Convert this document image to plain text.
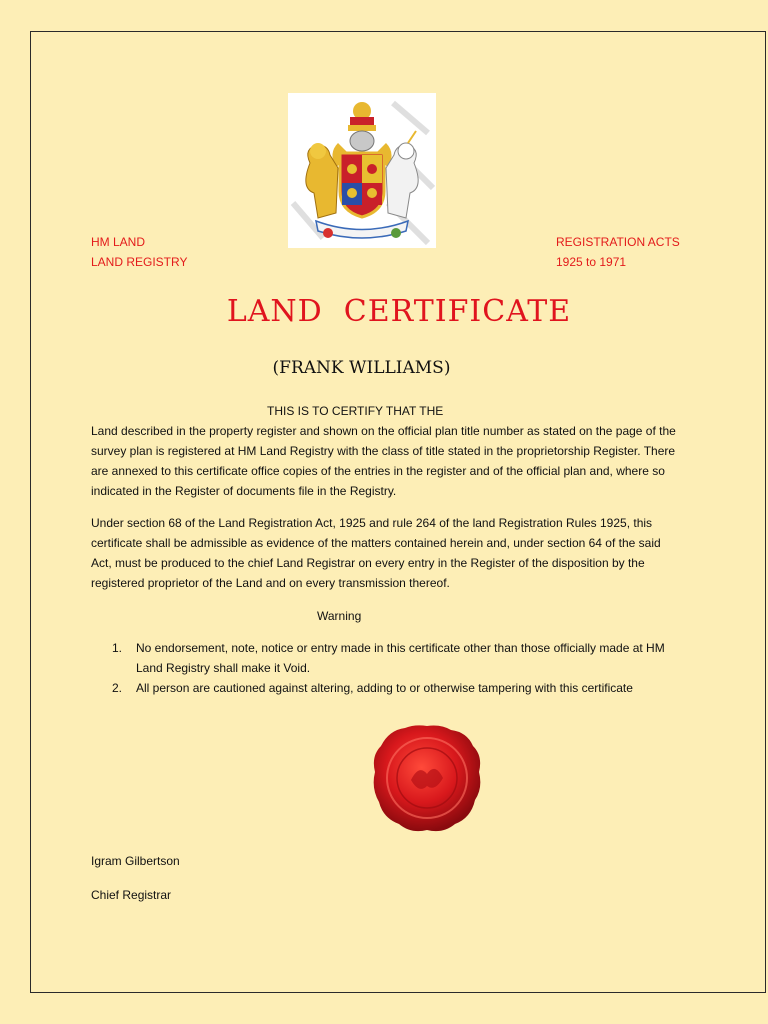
HM LAND
LAND REGISTRY
REGISTRATION ACTS
1925 to 1971
LAND  CERTIFICATE
(FRANK WILLIAMS)
THIS IS TO CERTIFY THAT THE
Land described in the property register and shown on the official plan title number as stated on the page of the survey plan is registered at HM Land Registry with the class of title stated in the proprietorship Register. There are annexed to this certificate office copies of the entries in the register and of the official plan and, where so indicated in the Register of documents file in the Registry.
Under section 68 of the Land Registration Act, 1925 and rule 264 of the land Registration Rules 1925, this certificate shall be admissible as evidence of the matters contained herein and, under section 64 of the said Act, must be produced to the chief Land Registrar on every entry in the Register of the disposition by the registered proprietor of the Land and on every transmission thereof.
Warning
1. No endorsement, note, notice or entry made in this certificate other than those officially made at HM Land Registry shall make it Void.
2. All person are cautioned against altering, adding to or otherwise tampering with this certificate
Igram Gilbertson
Chief Registrar
